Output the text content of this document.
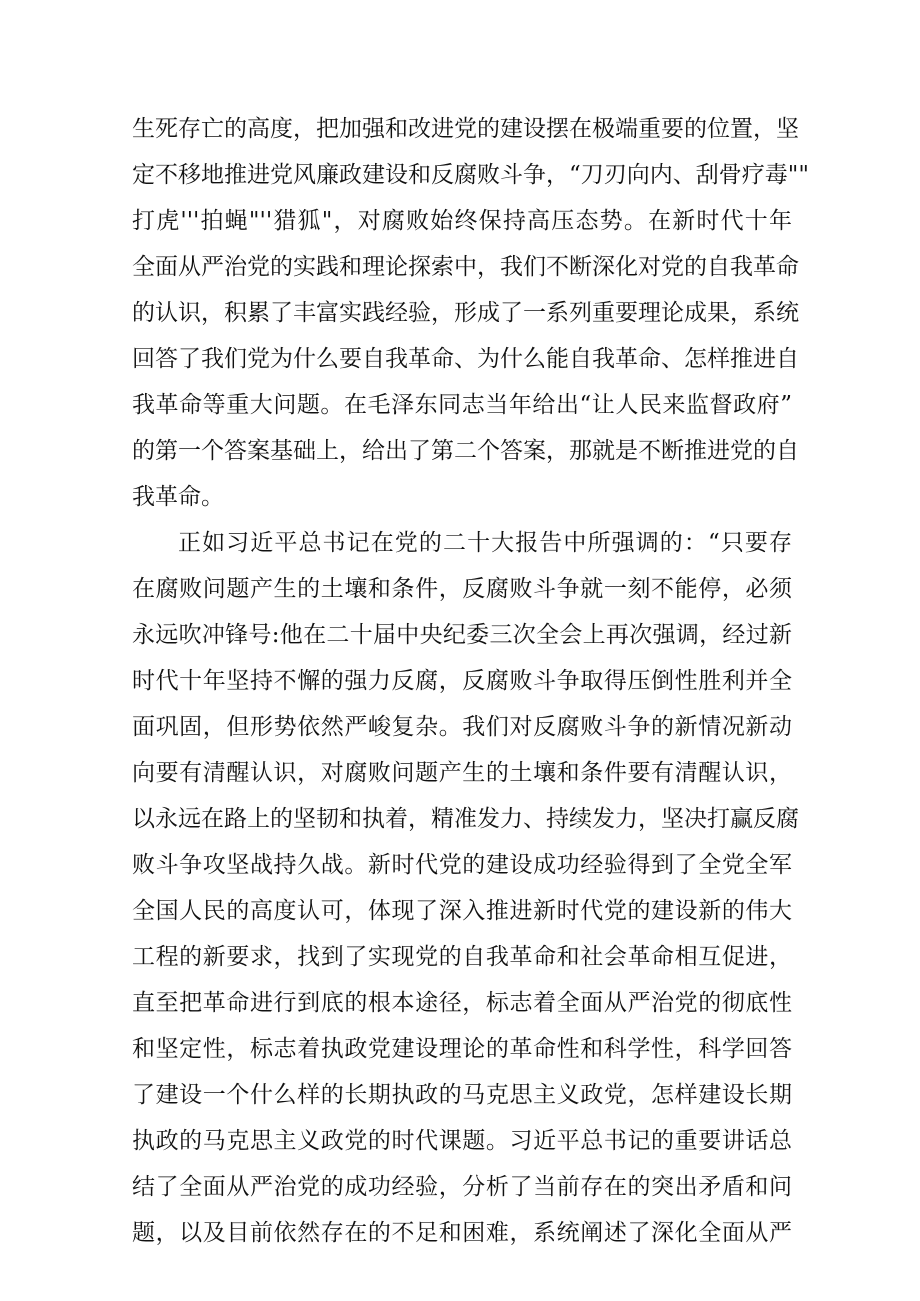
生死存亡的高度，把加强和改进党的建设摆在极端重要的位置，坚
定不移地推进党风廉政建设和反腐败斗争，“刀刃向内、刮骨疗毒""
打虎'''拍蝇"''猎狐"，对腐败始终保持高压态势。在新时代十年
全面从严治党的实践和理论探索中，我们不断深化对党的自我革命
的认识，积累了丰富实践经验，形成了一系列重要理论成果，系统
回答了我们党为什么要自我革命、为什么能自我革命、怎样推进自
我革命等重大问题。在毛泽东同志当年给出“让人民来监督政府”
的第一个答案基础上，给出了第二个答案，那就是不断推进党的自
我革命。
正如习近平总书记在党的二十大报告中所强调的：“只要存
在腐败问题产生的土壤和条件，反腐败斗争就一刻不能停，必须
永远吹冲锋号:他在二十届中央纪委三次全会上再次强调，经过新
时代十年坚持不懈的强力反腐，反腐败斗争取得压倒性胜利并全
面巩固，但形势依然严峻复杂。我们对反腐败斗争的新情况新动
向要有清醒认识，对腐败问题产生的土壤和条件要有清醒认识，
以永远在路上的坚韧和执着，精准发力、持续发力，坚决打赢反腐
败斗争攻坚战持久战。新时代党的建设成功经验得到了全党全军
全国人民的高度认可，体现了深入推进新时代党的建设新的伟大
工程的新要求，找到了实现党的自我革命和社会革命相互促进，
直至把革命进行到底的根本途径，标志着全面从严治党的彻底性
和坚定性，标志着执政党建设理论的革命性和科学性，科学回答
了建设一个什么样的长期执政的马克思主义政党，怎样建设长期
执政的马克思主义政党的时代课题。习近平总书记的重要讲话总
结了全面从严治党的成功经验，分析了当前存在的突出矛盾和问
题，以及目前依然存在的不足和困难，系统阐述了深化全面从严
